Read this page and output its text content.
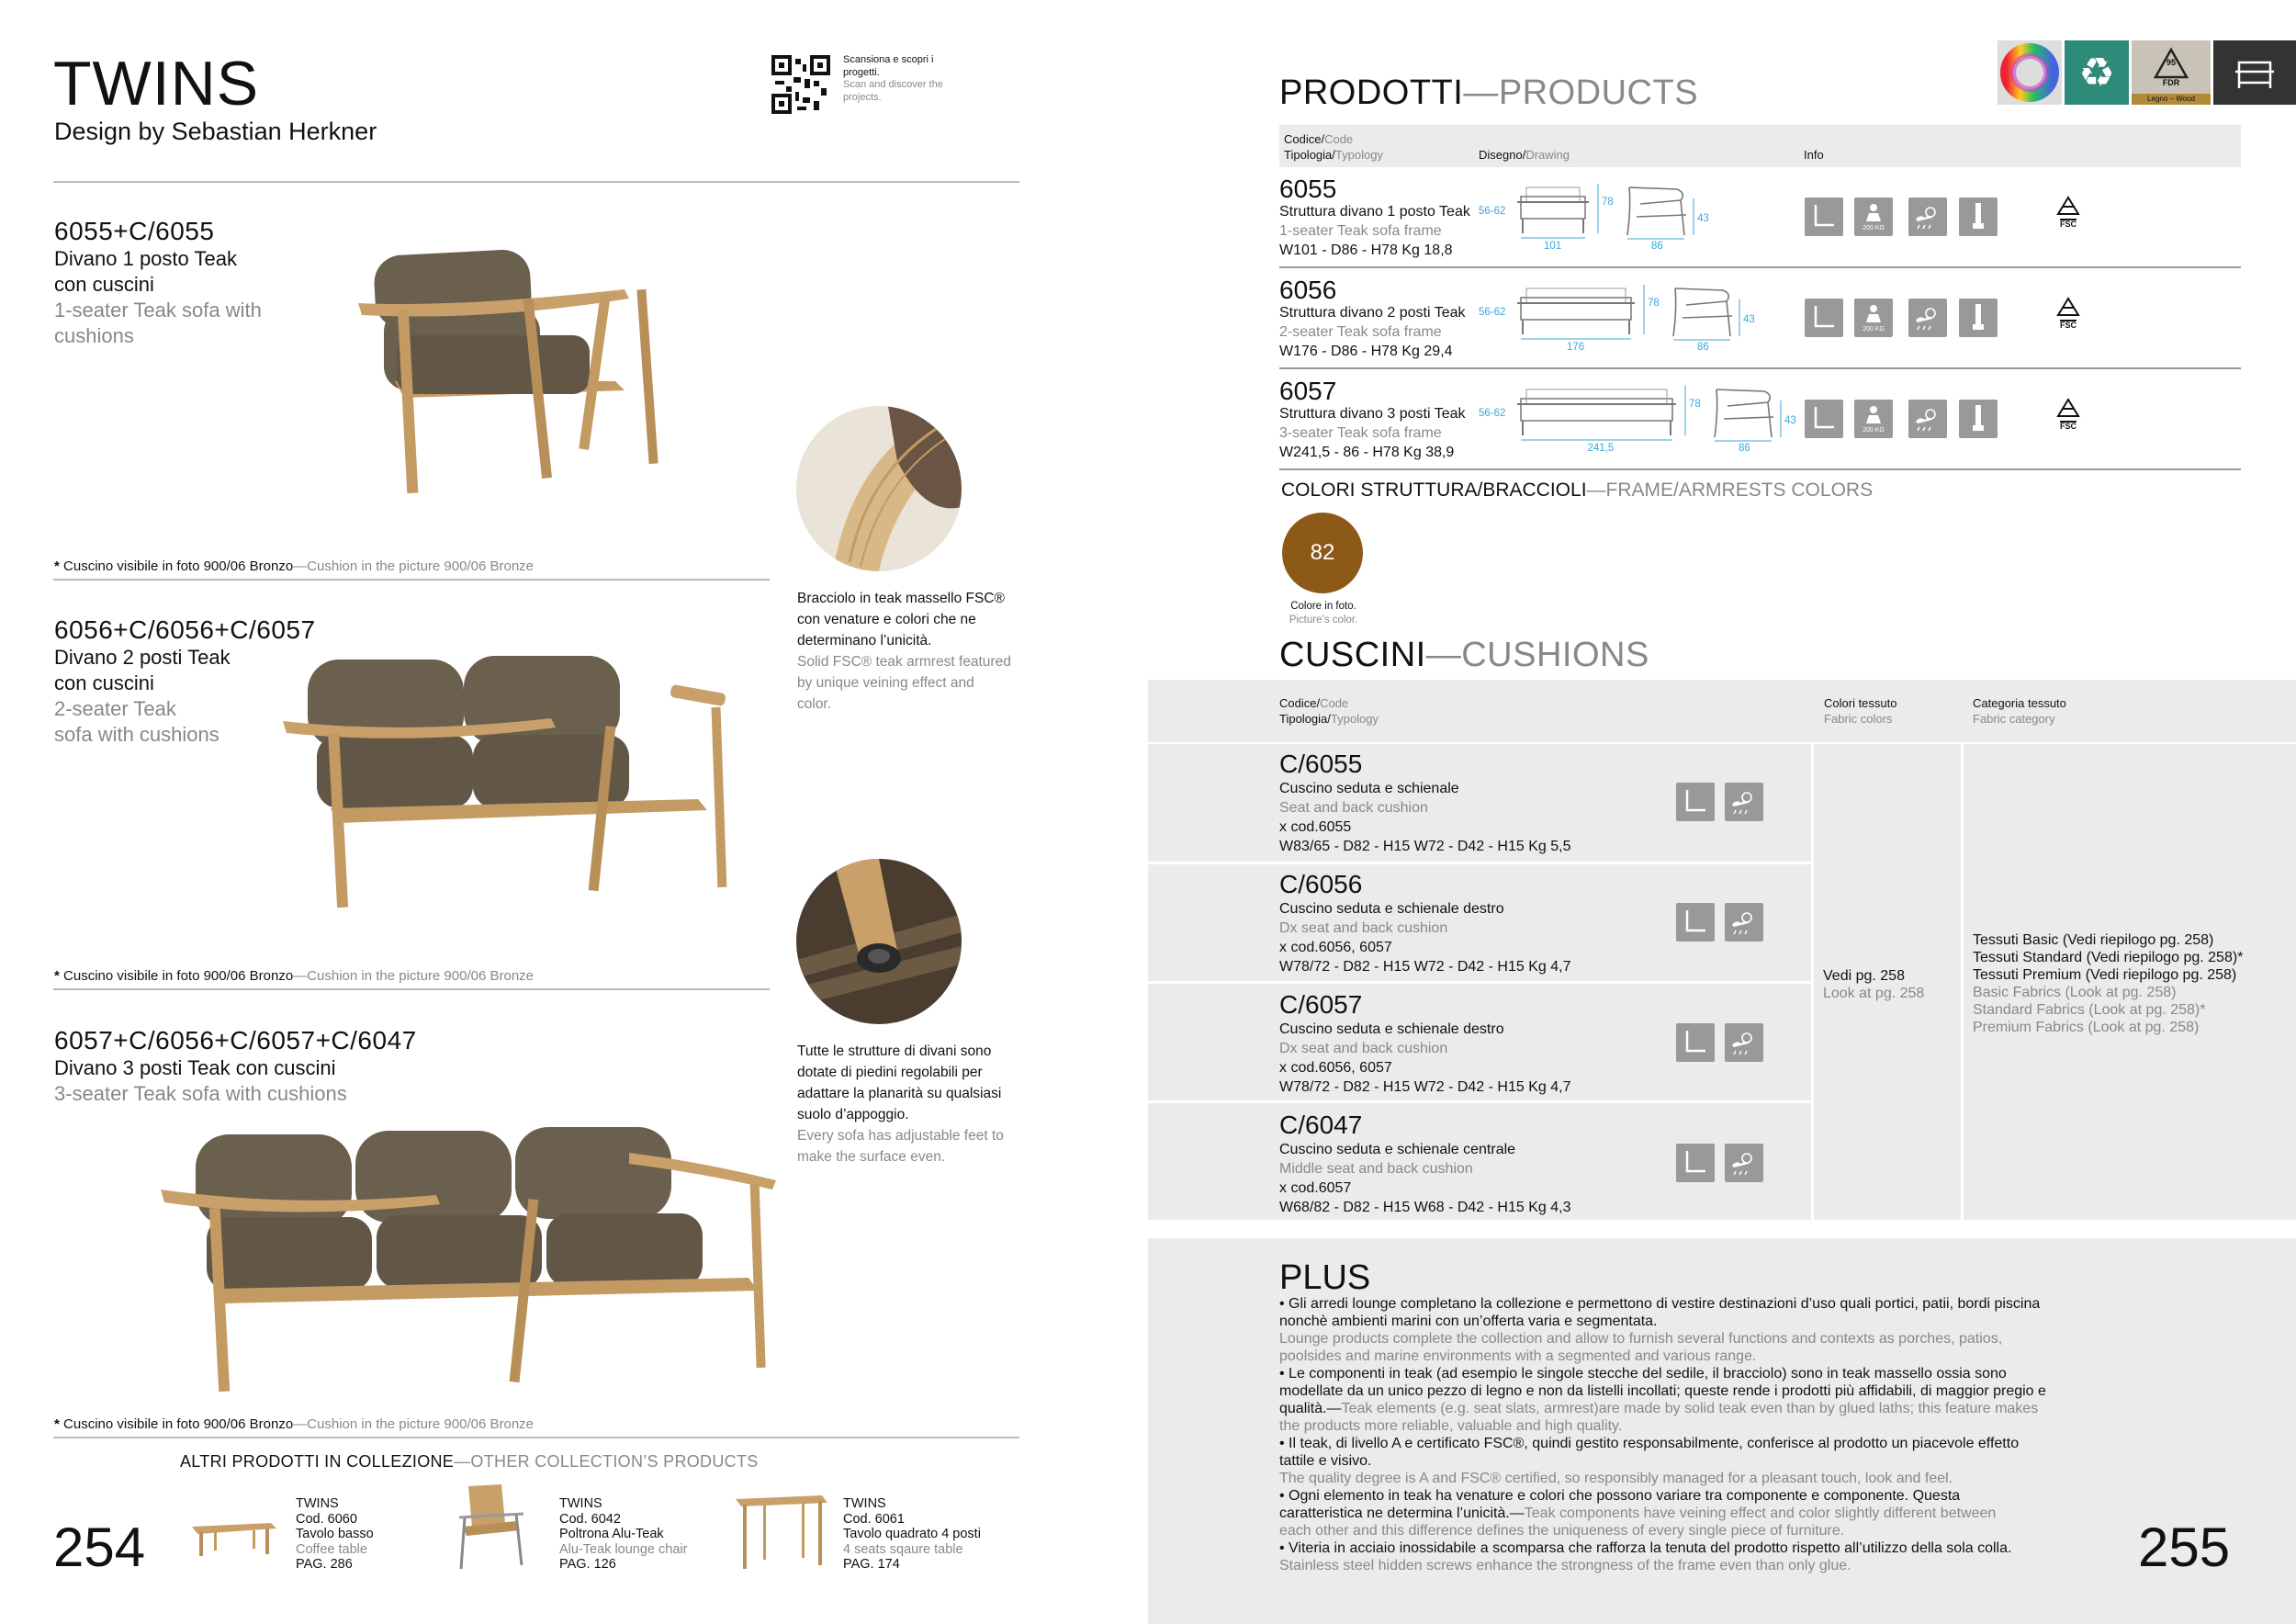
TWINS
Design by Sebastian Herkner
Scansiona e scopri i progetti.
Scan and discover the projects.
6055+C/6055
Divano 1 posto Teak
con cuscini
1-seater Teak sofa with
cushions
* Cuscino visibile in foto 900/06 Bronzo—Cushion in the picture 900/06 Bronze
6056+C/6056+C/6057
Divano 2 posti Teak
con cuscini
2-seater Teak
sofa with cushions
* Cuscino visibile in foto 900/06 Bronzo—Cushion in the picture 900/06 Bronze
6057+C/6056+C/6057+C/6047
Divano 3 posti Teak con cuscini
3-seater Teak sofa with cushions
* Cuscino visibile in foto 900/06 Bronzo—Cushion in the picture 900/06 Bronze
Bracciolo in teak massello FSC®
con venature e colori che ne
determinano l’unicità.
Solid FSC® teak armrest featured
by unique veining effect and
color.
Tutte le strutture di divani sono
dotate di piedini regolabili per
adattare la planarità su qualsiasi
suolo d’appoggio.
Every sofa has adjustable feet to
make the surface even.
ALTRI PRODOTTI IN COLLEZIONE—OTHER COLLECTION’S PRODUCTS
254
TWINS
Cod. 6060
Tavolo basso
Coffee table
PAG. 286
TWINS
Cod. 6042
Poltrona Alu-Teak
Alu-Teak lounge chair
PAG. 126
TWINS
Cod. 6061
Tavolo quadrato 4 posti
4 seats sqaure table
PAG. 174
♻	95
FDR
Legno – Wood
PRODOTTI—PRODUCTS
Codice/Code
Tipologia/Typology	Disegno/Drawing	Info
6055
Struttura divano 1 posto Teak
1-seater Teak sofa frame
W101 - D86 - H78 Kg 18,8
56-62
101
78
86
43
200 KG	FSC
6056
Struttura divano 2 posti Teak
2-seater Teak sofa frame
W176 - D86 - H78 Kg 29,4
56-62
176
78
86
43
200 KG	FSC
6057
Struttura divano 3 posti Teak
3-seater Teak sofa frame
W241,5 - 86 - H78 Kg 38,9
56-62
241,5
78
86
43
200 KG	FSC
COLORI STRUTTURA/BRACCIOLI—FRAME/ARMRESTS COLORS
82
Colore in foto.
Picture’s color.
CUSCINI—CUSHIONS
Codice/Code
Tipologia/Typology
Colori tessuto
Fabric colors
Categoria tessuto
Fabric category
C/6055
Cuscino seduta e schienale
Seat and back cushion
x cod.6055
W83/65 - D82 - H15 W72 - D42 - H15 Kg 5,5
C/6056
Cuscino seduta e schienale destro
Dx seat and back cushion
x cod.6056, 6057
W78/72 - D82 - H15 W72 - D42 - H15 Kg 4,7
C/6057
Cuscino seduta e schienale destro
Dx seat and back cushion
x cod.6056, 6057
W78/72 - D82 - H15 W72 - D42 - H15 Kg 4,7
C/6047
Cuscino seduta e schienale centrale
Middle seat and back cushion
x cod.6057
W68/82 - D82 - H15 W68 - D42 - H15 Kg 4,3
Vedi pg. 258
Look at pg. 258
Tessuti Basic (Vedi riepilogo pg. 258)
Tessuti Standard (Vedi riepilogo pg. 258)*
Tessuti Premium (Vedi riepilogo pg. 258)
Basic Fabrics (Look at pg. 258)
Standard Fabrics (Look at pg. 258)*
Premium Fabrics (Look at pg. 258)
PLUS
• Gli arredi lounge completano la collezione e permettono di vestire destinazioni d’uso quali portici, patii, bordi piscina
nonchè ambienti marini con un’offerta varia e segmentata.
Lounge products complete the collection and allow to furnish several functions and contexts as porches, patios,
poolsides and marine environments with a segmented and various range.
• Le componenti in teak (ad esempio le singole stecche del sedile, il bracciolo) sono in teak massello ossia sono
modellate da un unico pezzo di legno e non da listelli incollati; queste rende i prodotti più affidabili, di maggior pregio e
qualità.—Teak elements (e.g. seat slats, armrest)are made by solid teak even than by glued laths; this feature makes
the products more reliable, valuable and high quality.
• Il teak, di livello A e certificato FSC®, quindi gestito responsabilmente, conferisce al prodotto un piacevole effetto
tattile e visivo.
The quality degree is A and FSC® certified, so responsibly managed for a pleasant touch, look and feel.
• Ogni elemento in teak ha venature e colori che possono variare tra componente e componente. Questa
caratteristica ne determina l’unicità.—Teak components have veining effect and color slightly different between
each other and this difference defines the uniqueness of every single piece of furniture.
• Viteria in acciaio inossidabile a scomparsa che rafforza la tenuta del prodotto rispetto all’utilizzo della sola colla.
Stainless steel hidden screws enhance the strongness of the frame even than only glue.	255
